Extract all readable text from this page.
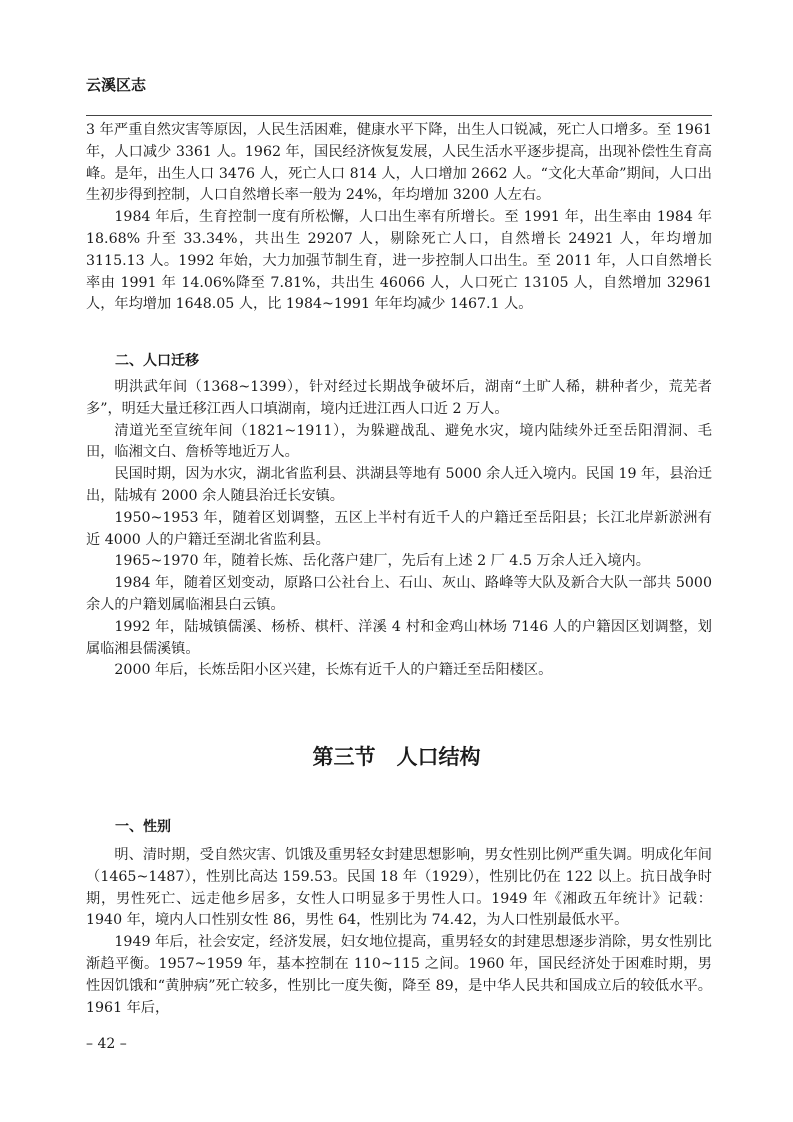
云溪区志

3 年严重自然灾害等原因，人民生活困难，健康水平下降，出生人口锐减，死亡人口增多。至 1961 年，人口减少 3361 人。1962 年，国民经济恢复发展，人民生活水平逐步提高，出现补偿性生育高峰。是年，出生人口 3476 人，死亡人口 814 人，人口增加 2662 人。“文化大革命”期间，人口出生初步得到控制，人口自然增长率一般为 24%，年均增加 3200 人左右。

1984 年后，生育控制一度有所松懈，人口出生率有所增长。至 1991 年，出生率由 1984 年 18.68% 升至 33.34%，共出生 29207 人，剔除死亡人口，自然增长 24921 人，年均增加 3115.13 人。1992 年始，大力加强节制生育，进一步控制人口出生。至 2011 年，人口自然增长率由 1991 年 14.06%降至 7.81%，共出生 46066 人，人口死亡 13105 人，自然增加 32961 人，年均增加 1648.05 人，比 1984~1991 年年均减少 1467.1 人。

二、人口迁移

明洪武年间（1368~1399），针对经过长期战争破坏后，湖南“土旷人稀，耕种者少，荒芜者多”，明廷大量迁移江西人口填湖南，境内迁进江西人口近 2 万人。

清道光至宣统年间（1821~1911），为躲避战乱、避免水灾，境内陆续外迁至岳阳渭洞、毛田，临湘文白、詹桥等地近万人。

民国时期，因为水灾，湖北省监利县、洪湖县等地有 5000 余人迁入境内。民国 19 年，县治迁出，陆城有 2000 余人随县治迁长安镇。

1950~1953 年，随着区划调整，五区上半村有近千人的户籍迁至岳阳县；长江北岸新淤洲有近 4000 人的户籍迁至湖北省监利县。

1965~1970 年，随着长炼、岳化落户建厂，先后有上述 2 厂 4.5 万余人迁入境内。

1984 年，随着区划变动，原路口公社台上、石山、灰山、路峰等大队及新合大队一部共 5000 余人的户籍划属临湘县白云镇。

1992 年，陆城镇儒溪、杨桥、棋杆、洋溪 4 村和金鸡山林场 7146 人的户籍因区划调整，划属临湘县儒溪镇。

2000 年后，长炼岳阳小区兴建，长炼有近千人的户籍迁至岳阳楼区。

第三节　人口结构
一、性别

明、清时期，受自然灾害、饥饿及重男轻女封建思想影响，男女性别比例严重失调。明成化年间（1465~1487），性别比高达 159.53。民国 18 年（1929），性别比仍在 122 以上。抗日战争时期，男性死亡、远走他乡居多，女性人口明显多于男性人口。1949 年《湘政五年统计》记载：1940 年，境内人口性别女性 86，男性 64，性别比为 74.42，为人口性别最低水平。

1949 年后，社会安定，经济发展，妇女地位提高，重男轻女的封建思想逐步消除，男女性别比渐趋平衡。1957~1959 年，基本控制在 110~115 之间。1960 年，国民经济处于困难时期，男性因饥饿和“黄肿病”死亡较多，性别比一度失衡，降至 89，是中华人民共和国成立后的较低水平。1961 年后，

– 42 –
